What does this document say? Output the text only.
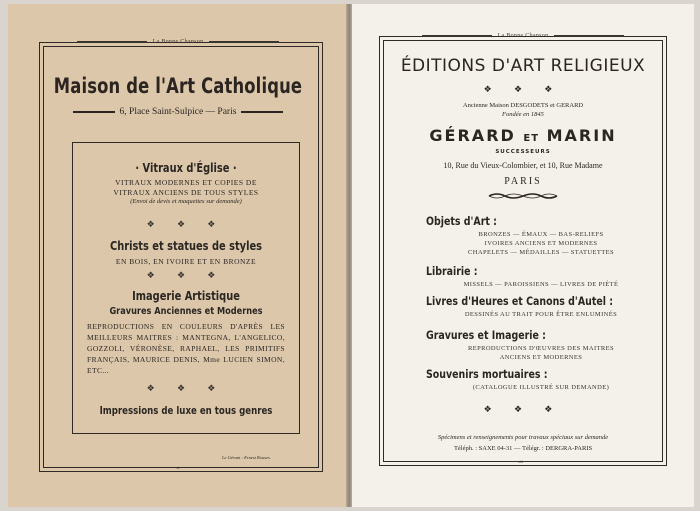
La Bonne Chanson
Maison de l'Art Catholique
6, Place Saint-Sulpice — Paris
· Vitraux d'Église ·
VITRAUX MODERNES ET COPIES DE
VITRAUX ANCIENS DE TOUS STYLES
(Envoi de devis et maquettes sur demande)
❖ ❖ ❖
Christs et statues de styles
EN BOIS, EN IVOIRE ET EN BRONZE
❖ ❖ ❖
Imagerie Artistique
Gravures Anciennes et Modernes
REPRODUCTIONS EN COULEURS D'APRÈS LES MEILLEURS MAITRES : MANTEGNA, L'ANGELICO, GOZZOLI, VÉRONÈSE, RAPHAEL, LES PRIMITIFS FRANÇAIS, MAURICE DENIS, Mme LUCIEN SIMON, ETC...
❖ ❖ ❖
Impressions de luxe en tous genres
Le Gérant : Ernest Rouses.
vi
La Bonne Chanson
ÉDITIONS D'ART RELIGIEUX
❖ ❖ ❖
Ancienne Maison DESGODETS et GERARD
Fondée en 1845
GÉRARD ET MARIN
SUCCESSEURS
10, Rue du Vieux-Colombier, et 10, Rue Madame
PARIS
Objets d'Art :
BRONZES — ÉMAUX — BAS-RELIEFS
IVOIRES ANCIENS ET MODERNES
CHAPELETS — MÉDAILLES — STATUETTES
Librairie :
MISSELS — PAROISSIENS — LIVRES DE PIÉTÉ
Livres d'Heures et Canons d'Autel :
DESSINÉS AU TRAIT POUR ÊTRE ENLUMINÉS
Gravures et Imagerie :
REPRODUCTIONS D'ŒUVRES DES MAITRES
ANCIENS ET MODERNES
Souvenirs mortuaires :
(CATALOGUE ILLUSTRÉ SUR DEMANDE)
❖ ❖ ❖
Spécimens et renseignements pour travaux spéciaux sur demande
Téléph. : SAXE 04-31 — Télégr. : DERGRA-PARIS
vii
